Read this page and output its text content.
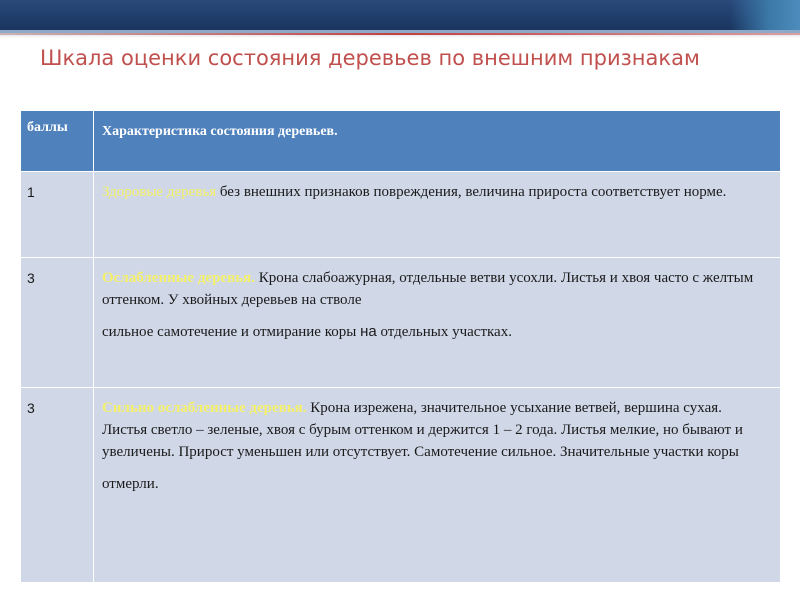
Шкала оценки состояния деревьев по внешним признакам
баллы	Характеристика состояния деревьев.
1	Здоровые деревья без внешних признаков повреждения, величина прироста соответствует норме.
3	Ослабленные деревья. Крона слабоажурная, отдельные ветви усохли. Листья и хвоя часто с желтым оттенком. У хвойных деревьев на стволе
сильное самотечение и отмирание коры на отдельных участках.
3	Сильно ослабленные деревья. Крона изрежена, значительное усыхание ветвей, вершина сухая. Листья светло – зеленые, хвоя с бурым оттенком и держится 1 – 2 года. Листья мелкие, но бывают и увеличены. Прирост уменьшен или отсутствует. Самотечение сильное. Значительные участки коры
отмерли.
